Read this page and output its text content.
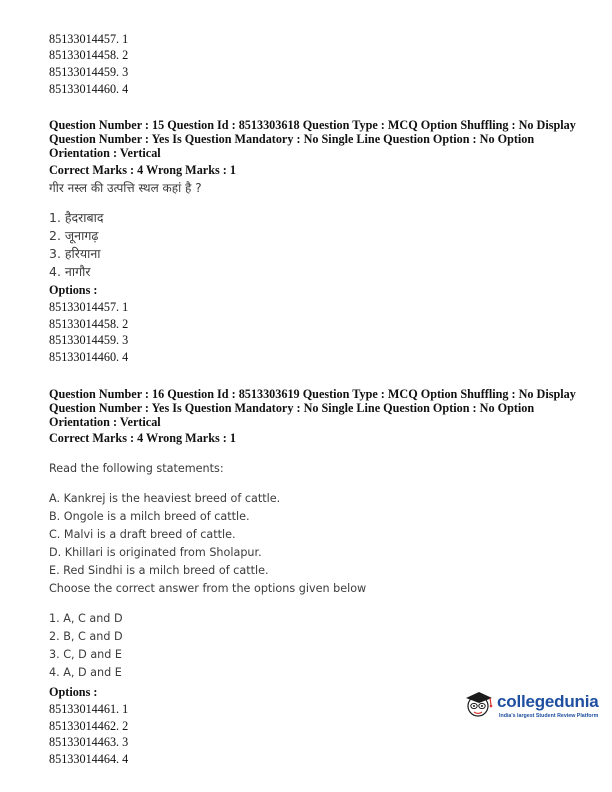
85133014457. 1
85133014458. 2
85133014459. 3
85133014460. 4
Question Number : 15 Question Id : 8513303618 Question Type : MCQ Option Shuffling : No Display
Question Number : Yes Is Question Mandatory : No Single Line Question Option : No Option
Orientation : Vertical
Correct Marks : 4 Wrong Marks : 1
गीर नस्ल की उत्पत्ति स्थल कहां है ?
1. हैदराबाद
2. जूनागढ़
3. हरियाना
4. नागौर
Options :
85133014457. 1
85133014458. 2
85133014459. 3
85133014460. 4
Question Number : 16 Question Id : 8513303619 Question Type : MCQ Option Shuffling : No Display
Question Number : Yes Is Question Mandatory : No Single Line Question Option : No Option
Orientation : Vertical
Correct Marks : 4 Wrong Marks : 1
Read the following statements:
A. Kankrej is the heaviest breed of cattle.
B. Ongole is a milch breed of cattle.
C. Malvi is a draft breed of cattle.
D. Khillari is originated from Sholapur.
E. Red Sindhi is a milch breed of cattle.
Choose the correct answer from the options given below
1. A, C and D
2. B, C and D
3. C, D and E
4. A, D and E
Options :
85133014461. 1
85133014462. 2
85133014463. 3
85133014464. 4
collegedunia
India's largest Student Review Platform
